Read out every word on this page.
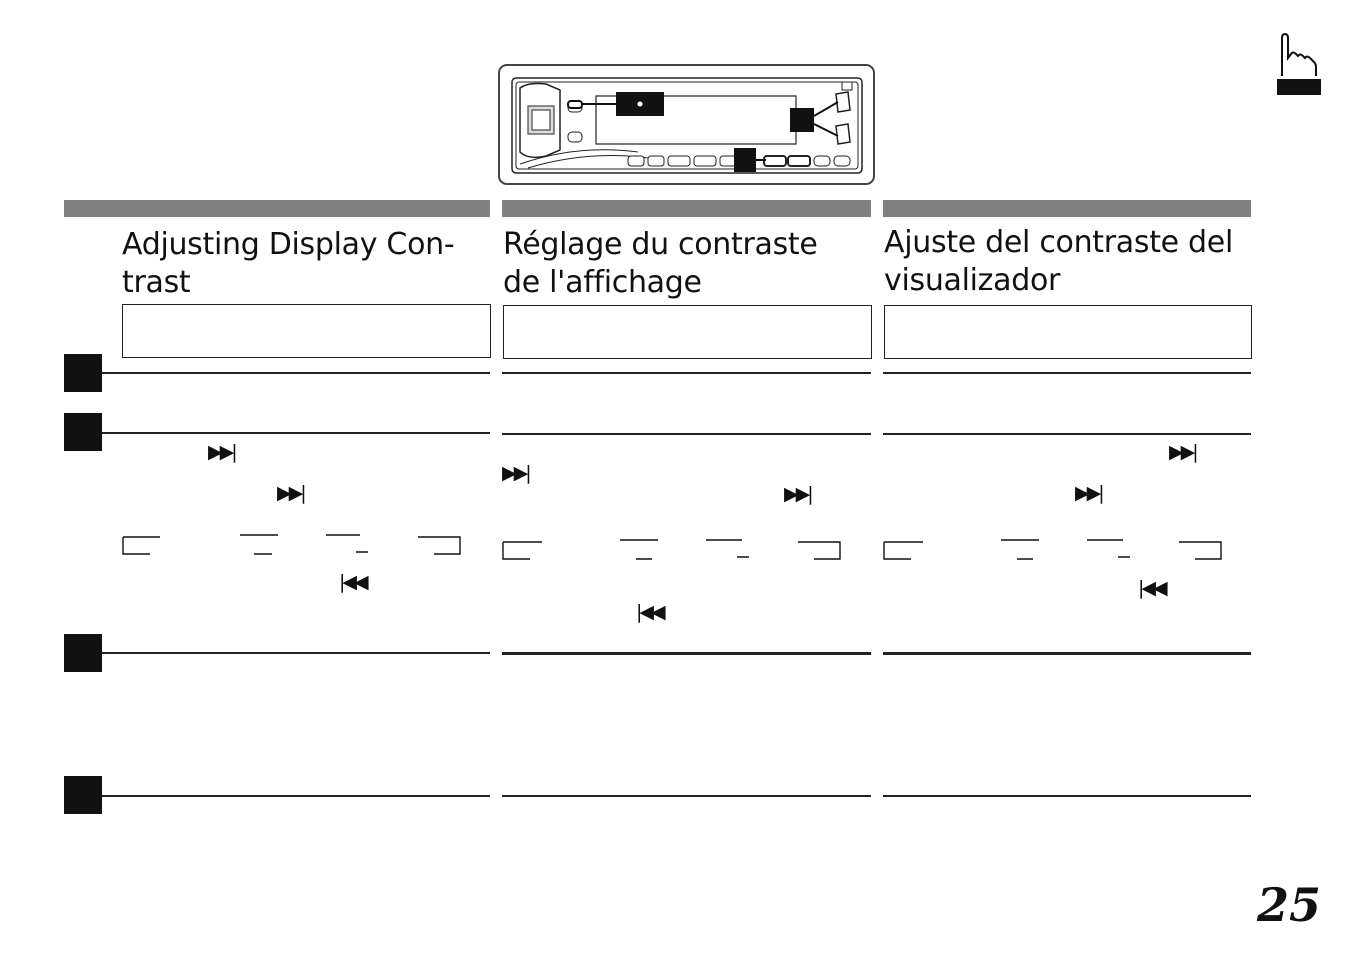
Adjusting Display Con-
trast
Réglage du contraste
de l'affichage
Ajuste del contraste del
visualizador
▶▶|
▶▶|
|◀◀
▶▶|
▶▶|
|◀◀
▶▶|
▶▶|
|◀◀
25
